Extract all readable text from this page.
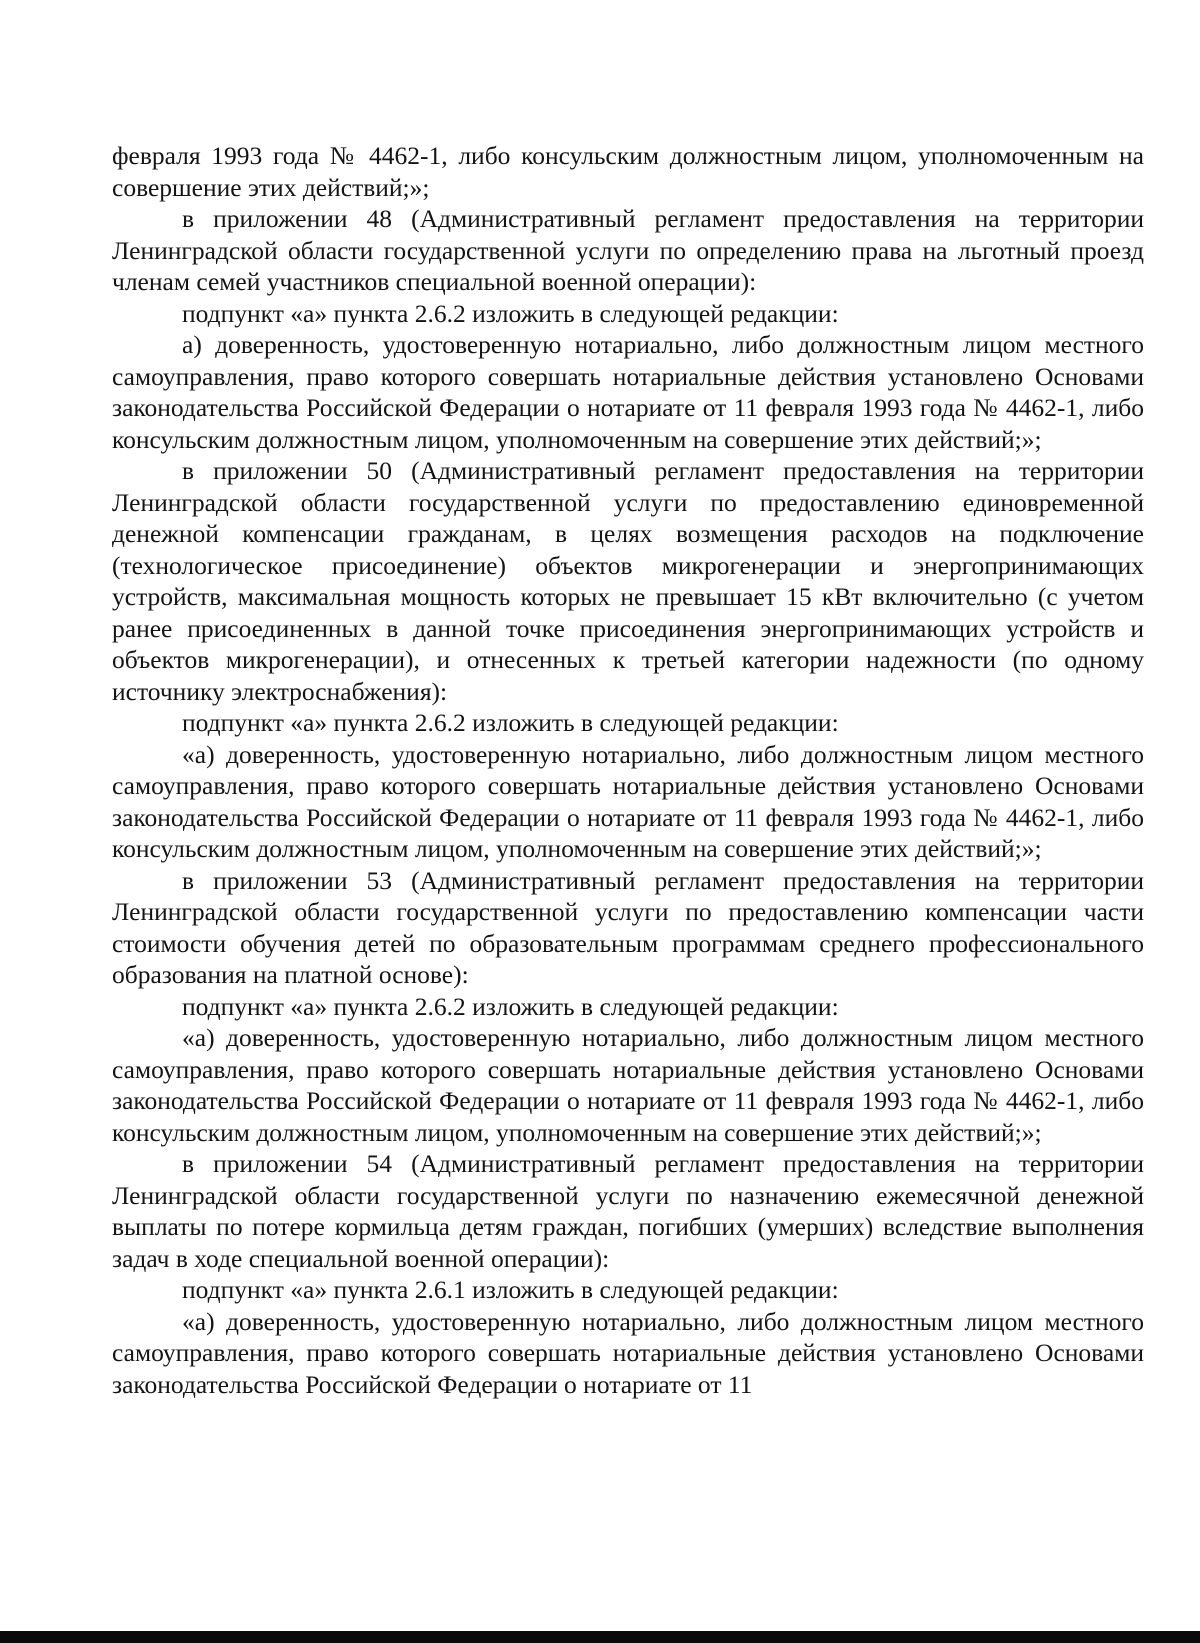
февраля 1993 года № 4462-1, либо консульским должностным лицом, уполномоченным на совершение этих действий;»;

в приложении 48 (Административный регламент предоставления на территории Ленинградской области государственной услуги по определению права на льготный проезд членам семей участников специальной военной операции):

подпункт «а» пункта 2.6.2 изложить в следующей редакции:

а) доверенность, удостоверенную нотариально, либо должностным лицом местного самоуправления, право которого совершать нотариальные действия установлено Основами законодательства Российской Федерации о нотариате от 11 февраля 1993 года № 4462-1, либо консульским должностным лицом, уполномоченным на совершение этих действий;»;

в приложении 50 (Административный регламент предоставления на территории Ленинградской области государственной услуги по предоставлению единовременной денежной компенсации гражданам, в целях возмещения расходов на подключение (технологическое присоединение) объектов микрогенерации и энергопринимающих устройств, максимальная мощность которых не превышает 15 кВт включительно (с учетом ранее присоединенных в данной точке присоединения энергопринимающих устройств и объектов микрогенерации), и отнесенных к третьей категории надежности (по одному источнику электроснабжения):

подпункт «а» пункта 2.6.2 изложить в следующей редакции:

«а) доверенность, удостоверенную нотариально, либо должностным лицом местного самоуправления, право которого совершать нотариальные действия установлено Основами законодательства Российской Федерации о нотариате от 11 февраля 1993 года № 4462-1, либо консульским должностным лицом, уполномоченным на совершение этих действий;»;

в приложении 53 (Административный регламент предоставления на территории Ленинградской области государственной услуги по предоставлению компенсации части стоимости обучения детей по образовательным программам среднего профессионального образования на платной основе):

подпункт «а» пункта 2.6.2 изложить в следующей редакции:

«а) доверенность, удостоверенную нотариально, либо должностным лицом местного самоуправления, право которого совершать нотариальные действия установлено Основами законодательства Российской Федерации о нотариате от 11 февраля 1993 года № 4462-1, либо консульским должностным лицом, уполномоченным на совершение этих действий;»;

в приложении 54 (Административный регламент предоставления на территории Ленинградской области государственной услуги по назначению ежемесячной денежной выплаты по потере кормильца детям граждан, погибших (умерших) вследствие выполнения задач в ходе специальной военной операции):

подпункт «а» пункта 2.6.1 изложить в следующей редакции:

«а) доверенность, удостоверенную нотариально, либо должностным лицом местного самоуправления, право которого совершать нотариальные действия установлено Основами законодательства Российской Федерации о нотариате от 11
